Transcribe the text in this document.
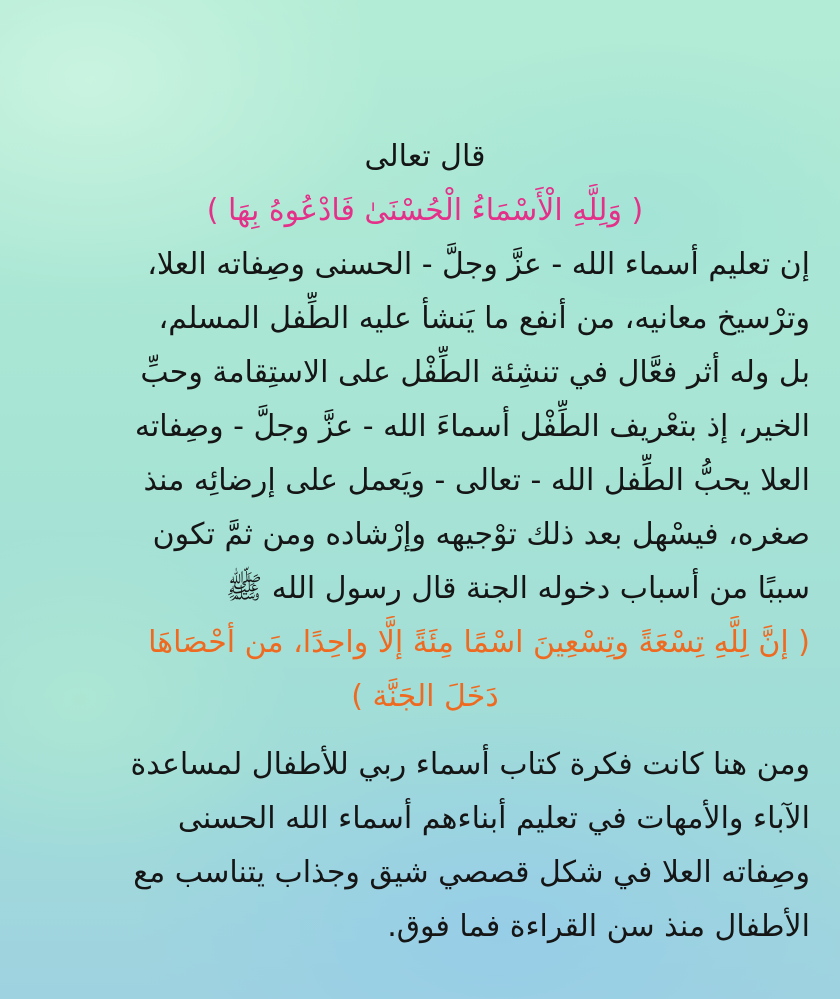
قال تعالى
( وَلِلَّهِ الْأَسْمَاءُ الْحُسْنَىٰ فَادْعُوهُ بِهَا )
إن تعليم أسماء الله - عزَّ وجلَّ - الحسنى وصِفاته العلا،
وترْسيخ معانيه، من أنفع ما يَنشأ عليه الطِّفل المسلم،
بل وله أثر فعَّال في تنشِئة الطِّفْل على الاستِقامة وحبِّ
الخير، إذ بتعْريف الطِّفْل أسماءَ الله - عزَّ وجلَّ - وصِفاته
العلا يحبُّ الطِّفل الله - تعالى - ويَعمل على إرضائِه منذ
صغره، فيسْهل بعد ذلك توْجيهه وإرْشاده ومن ثمَّ تكون
سببًا من أسباب دخوله الجنة قال رسول الله ﷺ
( إنَّ لِلَّهِ تِسْعَةً وتِسْعِينَ اسْمًا مِئَةً إلَّا واحِدًا، مَن أحْصَاهَا
دَخَلَ الجَنَّة )
ومن هنا كانت فكرة كتاب أسماء ربي للأطفال لمساعدة
الآباء والأمهات في تعليم أبناءهم أسماء الله الحسنى
وصِفاته العلا في شكل قصصي شيق وجذاب يتناسب مع
الأطفال منذ سن القراءة فما فوق.
